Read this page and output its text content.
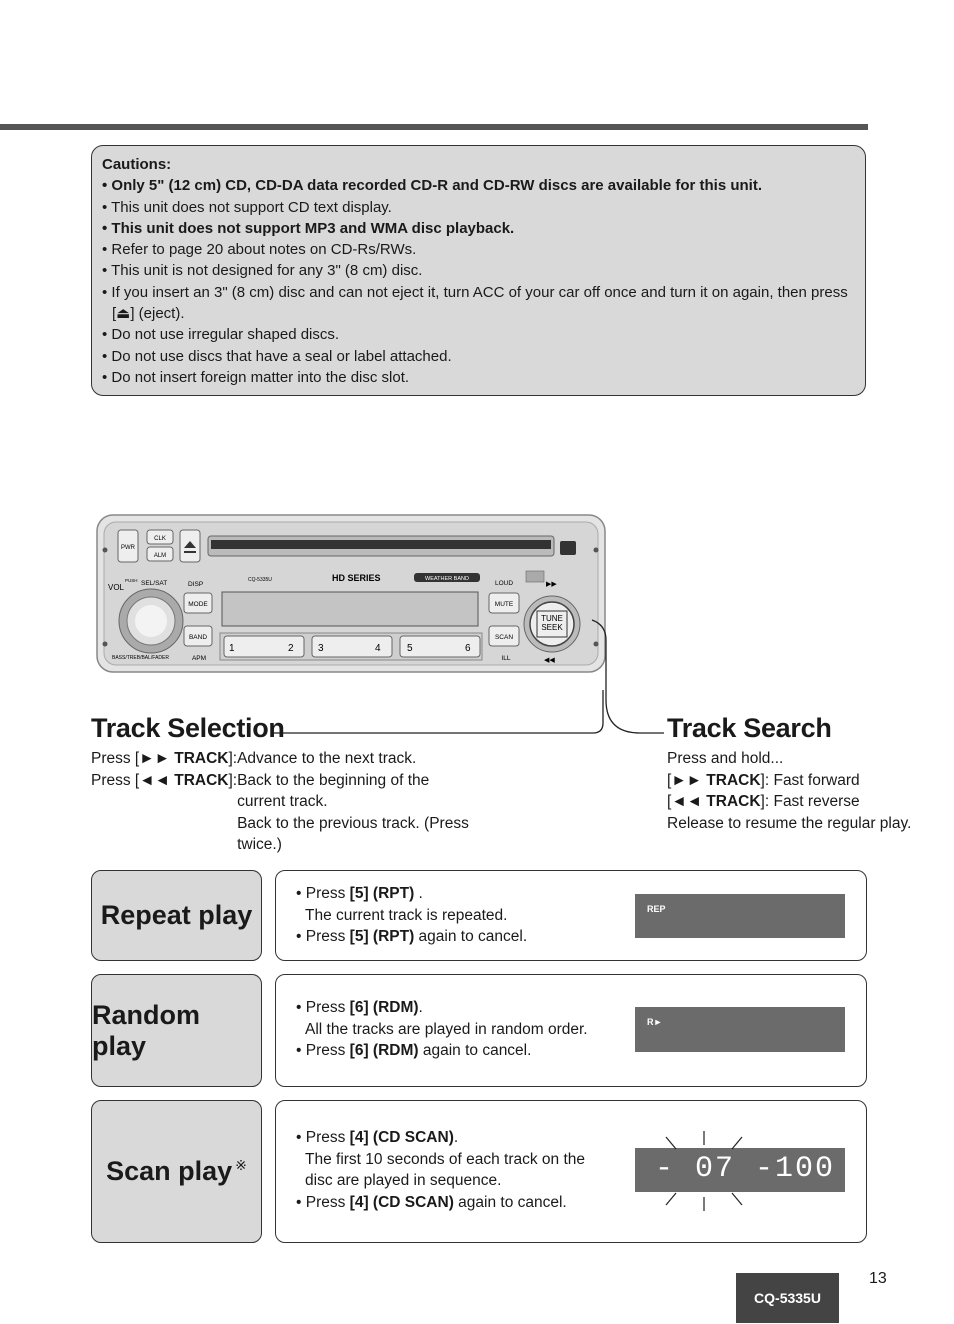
Cautions:
• Only 5" (12 cm) CD, CD-DA data recorded CD-R and CD-RW discs are available for this unit.
• This unit does not support CD text display.
• This unit does not support MP3 and WMA disc playback.
• Refer to page 20 about notes on CD-Rs/RWs.
• This unit is not designed for any 3" (8 cm) disc.
• If you insert an 3" (8 cm) disc and can not eject it, turn ACC of your car off once and turn it on again, then press [⏏] (eject).
• Do not use irregular shaped discs.
• Do not use discs that have a seal or label attached.
• Do not insert foreign matter into the disc slot.
PWR
CLK
ALM
VOL
PUSH SEL/SAT	DISP
CQ-5335U	HD SERIES	WEATHER BAND
LOUD	▶▶
BASS/TREB/BAL/FADER
MODE
BAND
APM
1	2 3	4	5	6
MUTE
SCAN
ILL
TUNE
SEEK
◀◀
Track Selection
Press [►► TRACK]: Advance to the next track.
Press [◄◄ TRACK]: Back to the beginning of the current track.
Back to the previous track. (Press twice.)
Track Search
Press and hold...
[►► TRACK]: Fast forward
[◄◄ TRACK]: Fast reverse
Release to resume the regular play.
Repeat play
• Press [5] (RPT) .
The current track is repeated.
• Press [5] (RPT) again to cancel.
REP
Random play
• Press [6] (RDM).
All the tracks are played in random order.
• Press [6] (RDM) again to cancel.
R►
Scan play ※
• Press [4] (CD SCAN).
The first 10 seconds of each track on the disc are played in sequence.
• Press [4] (CD SCAN) again to cancel.
- 07 -100
13
CQ-5335U
